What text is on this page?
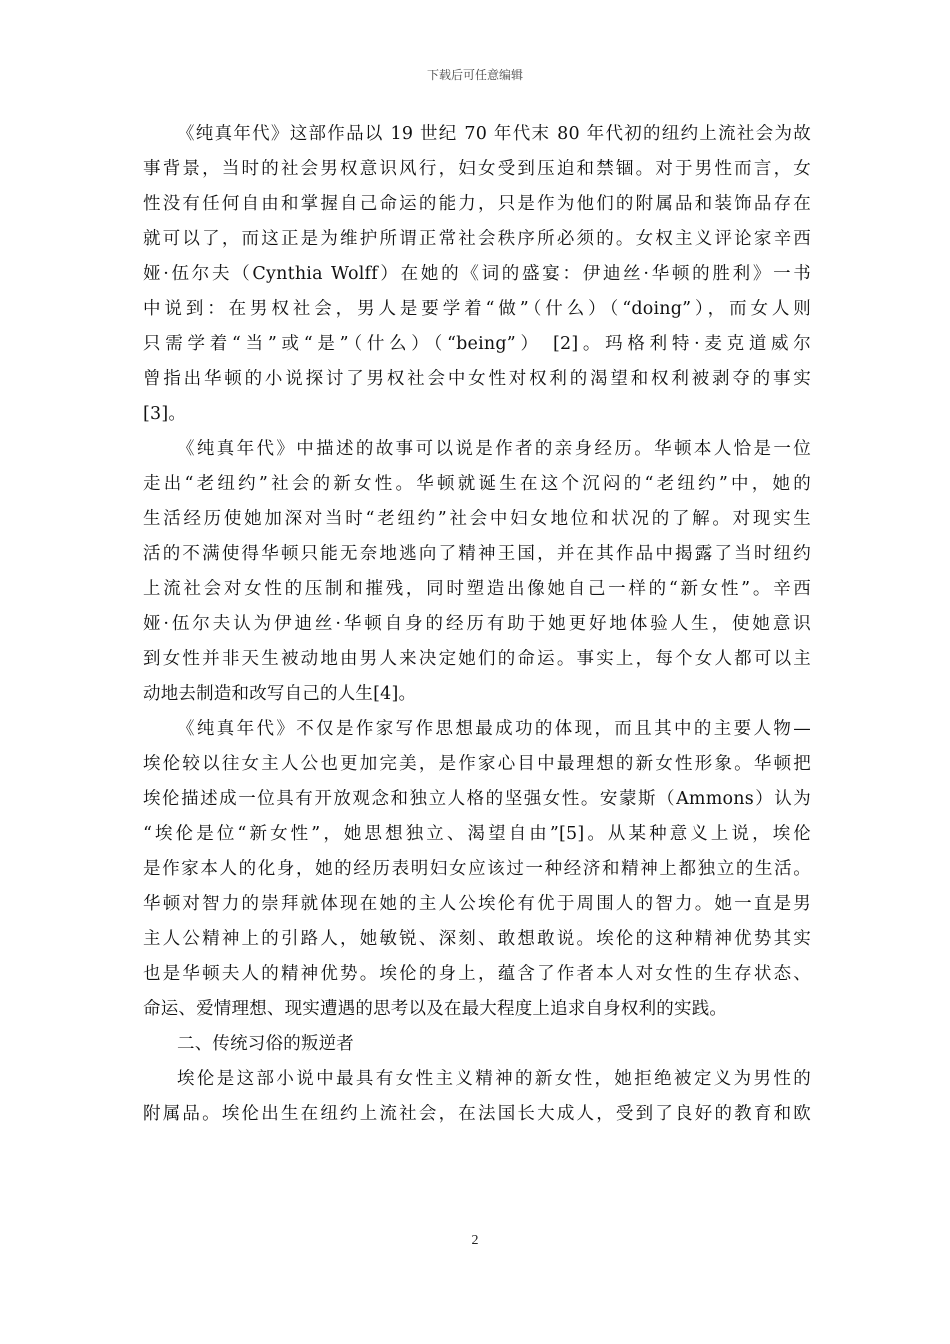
下载后可任意编辑
《纯真年代》这部作品以 19 世纪 70 年代末 80 年代初的纽约上流社会为故
事背景，当时的社会男权意识风行，妇女受到压迫和禁锢。对于男性而言，女
性没有任何自由和掌握自己命运的能力，只是作为他们的附属品和装饰品存在
就可以了，而这正是为维护所谓正常社会秩序所必须的。女权主义评论家辛西
娅·伍尔夫（Cynthia Wolff）在她的《词的盛宴：伊迪丝·华顿的胜利》一书
中说到：在男权社会，男人是要学着“做”（什么）（“doing”），而女人则
只需学着“当”或“是”（什么）（“being”） [2]。玛格利特·麦克道威尔
曾指出华顿的小说探讨了男权社会中女性对权利的渴望和权利被剥夺的事实
[3]。
《纯真年代》中描述的故事可以说是作者的亲身经历。华顿本人恰是一位
走出“老纽约”社会的新女性。华顿就诞生在这个沉闷的“老纽约”中，她的
生活经历使她加深对当时“老纽约”社会中妇女地位和状况的了解。对现实生
活的不满使得华顿只能无奈地逃向了精神王国，并在其作品中揭露了当时纽约
上流社会对女性的压制和摧残，同时塑造出像她自己一样的“新女性”。辛西
娅·伍尔夫认为伊迪丝·华顿自身的经历有助于她更好地体验人生，使她意识
到女性并非天生被动地由男人来决定她们的命运。事实上，每个女人都可以主
动地去制造和改写自己的人生[4]。
《纯真年代》不仅是作家写作思想最成功的体现，而且其中的主要人物—
埃伦较以往女主人公也更加完美，是作家心目中最理想的新女性形象。华顿把
埃伦描述成一位具有开放观念和独立人格的坚强女性。安蒙斯（Ammons）认为
“埃伦是位“新女性”，她思想独立、渴望自由”[5]。从某种意义上说，埃伦
是作家本人的化身，她的经历表明妇女应该过一种经济和精神上都独立的生活。
华顿对智力的崇拜就体现在她的主人公埃伦有优于周围人的智力。她一直是男
主人公精神上的引路人，她敏锐、深刻、敢想敢说。埃伦的这种精神优势其实
也是华顿夫人的精神优势。埃伦的身上，蕴含了作者本人对女性的生存状态、
命运、爱情理想、现实遭遇的思考以及在最大程度上追求自身权利的实践。
二、传统习俗的叛逆者
埃伦是这部小说中最具有女性主义精神的新女性，她拒绝被定义为男性的
附属品。埃伦出生在纽约上流社会，在法国长大成人，受到了良好的教育和欧
2
